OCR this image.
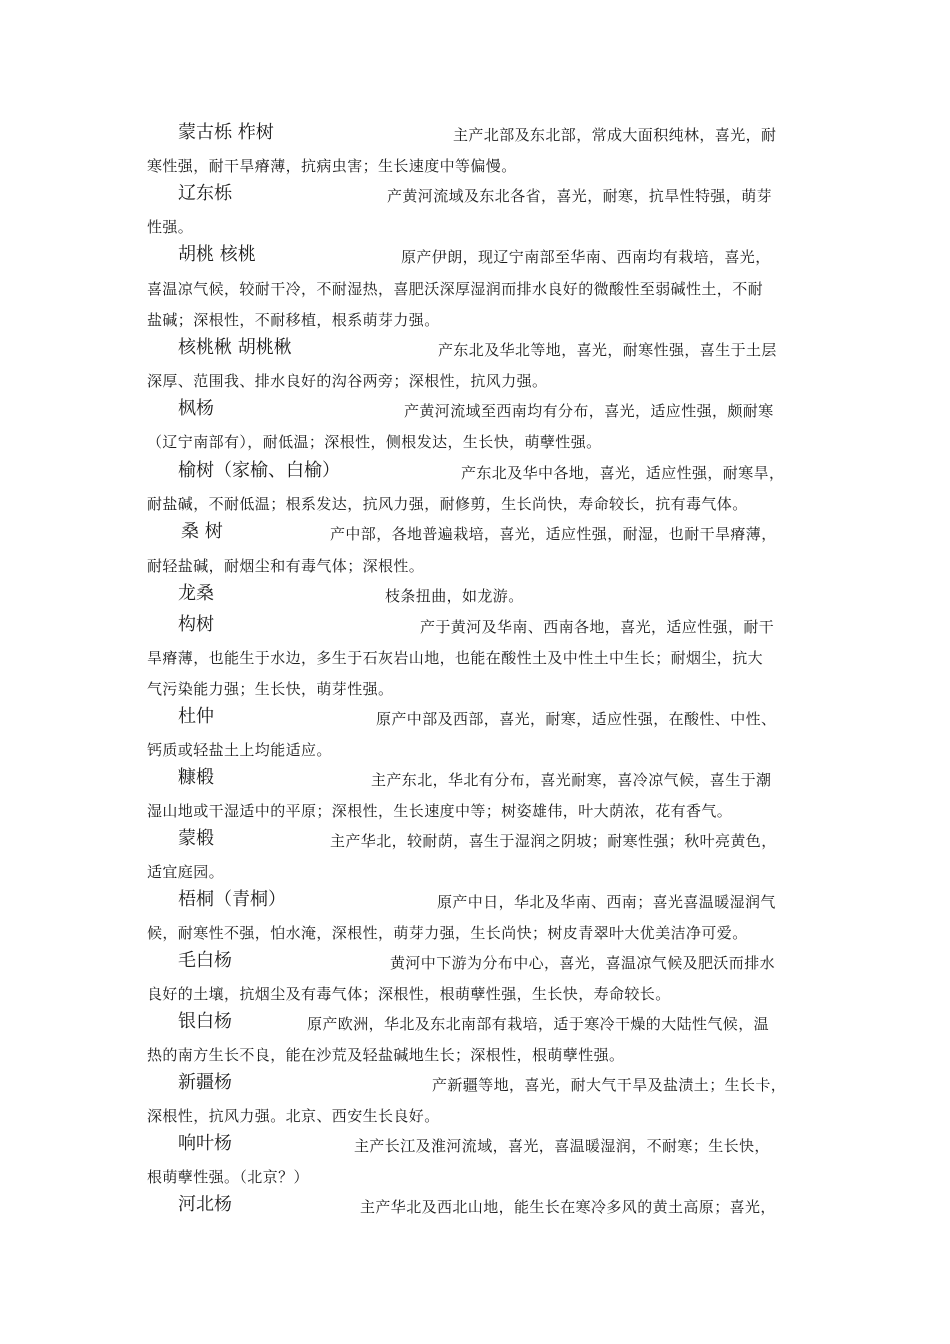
蒙古栎 柞树	主产北部及东北部，常成大面积纯林，喜光，耐
寒性强，耐干旱瘠薄，抗病虫害；生长速度中等偏慢。
辽东栎	产黄河流域及东北各省，喜光，耐寒，抗旱性特强，萌芽
性强。
胡桃 核桃	原产伊朗，现辽宁南部至华南、西南均有栽培，喜光，
喜温凉气候，较耐干冷，不耐湿热，喜肥沃深厚湿润而排水良好的微酸性至弱碱性土，不耐
盐碱；深根性，不耐移植，根系萌芽力强。
核桃楸 胡桃楸	产东北及华北等地，喜光，耐寒性强，喜生于土层
深厚、范围我、排水良好的沟谷两旁；深根性，抗风力强。
枫杨	产黄河流域至西南均有分布，喜光，适应性强，颇耐寒
（辽宁南部有），耐低温；深根性，侧根发达，生长快，萌孽性强。
榆树（家榆、白榆）	产东北及华中各地，喜光，适应性强，耐寒旱，
耐盐碱，不耐低温；根系发达，抗风力强，耐修剪，生长尚快，寿命较长，抗有毒气体。
桑 树	产中部，各地普遍栽培，喜光，适应性强，耐湿，也耐干旱瘠薄，
耐轻盐碱，耐烟尘和有毒气体；深根性。
龙桑	枝条扭曲，如龙游。
构树	产于黄河及华南、西南各地，喜光，适应性强，耐干
旱瘠薄，也能生于水边，多生于石灰岩山地，也能在酸性土及中性土中生长；耐烟尘，抗大
气污染能力强；生长快，萌芽性强。
杜仲	原产中部及西部，喜光，耐寒，适应性强，在酸性、中性、
钙质或轻盐土上均能适应。
糠椴	主产东北，华北有分布，喜光耐寒，喜冷凉气候，喜生于潮
湿山地或干湿适中的平原；深根性，生长速度中等；树姿雄伟，叶大荫浓，花有香气。
蒙椴	主产华北，较耐荫，喜生于湿润之阴坡；耐寒性强；秋叶亮黄色，
适宜庭园。
梧桐（青桐）	原产中日，华北及华南、西南；喜光喜温暖湿润气
候，耐寒性不强，怕水淹，深根性，萌芽力强，生长尚快；树皮青翠叶大优美洁净可爱。
毛白杨	黄河中下游为分布中心，喜光，喜温凉气候及肥沃而排水
良好的土壤，抗烟尘及有毒气体；深根性，根萌孽性强，生长快，寿命较长。
银白杨	原产欧洲，华北及东北南部有栽培，适于寒冷干燥的大陆性气候，温
热的南方生长不良，能在沙荒及轻盐碱地生长；深根性，根萌孽性强。
新疆杨	产新疆等地，喜光，耐大气干旱及盐渍土；生长卡，
深根性，抗风力强。北京、西安生长良好。
响叶杨	主产长江及淮河流域，喜光，喜温暖湿润，不耐寒；生长快，
根萌孽性强。（北京？）
河北杨	主产华北及西北山地，能生长在寒冷多风的黄土高原；喜光，
